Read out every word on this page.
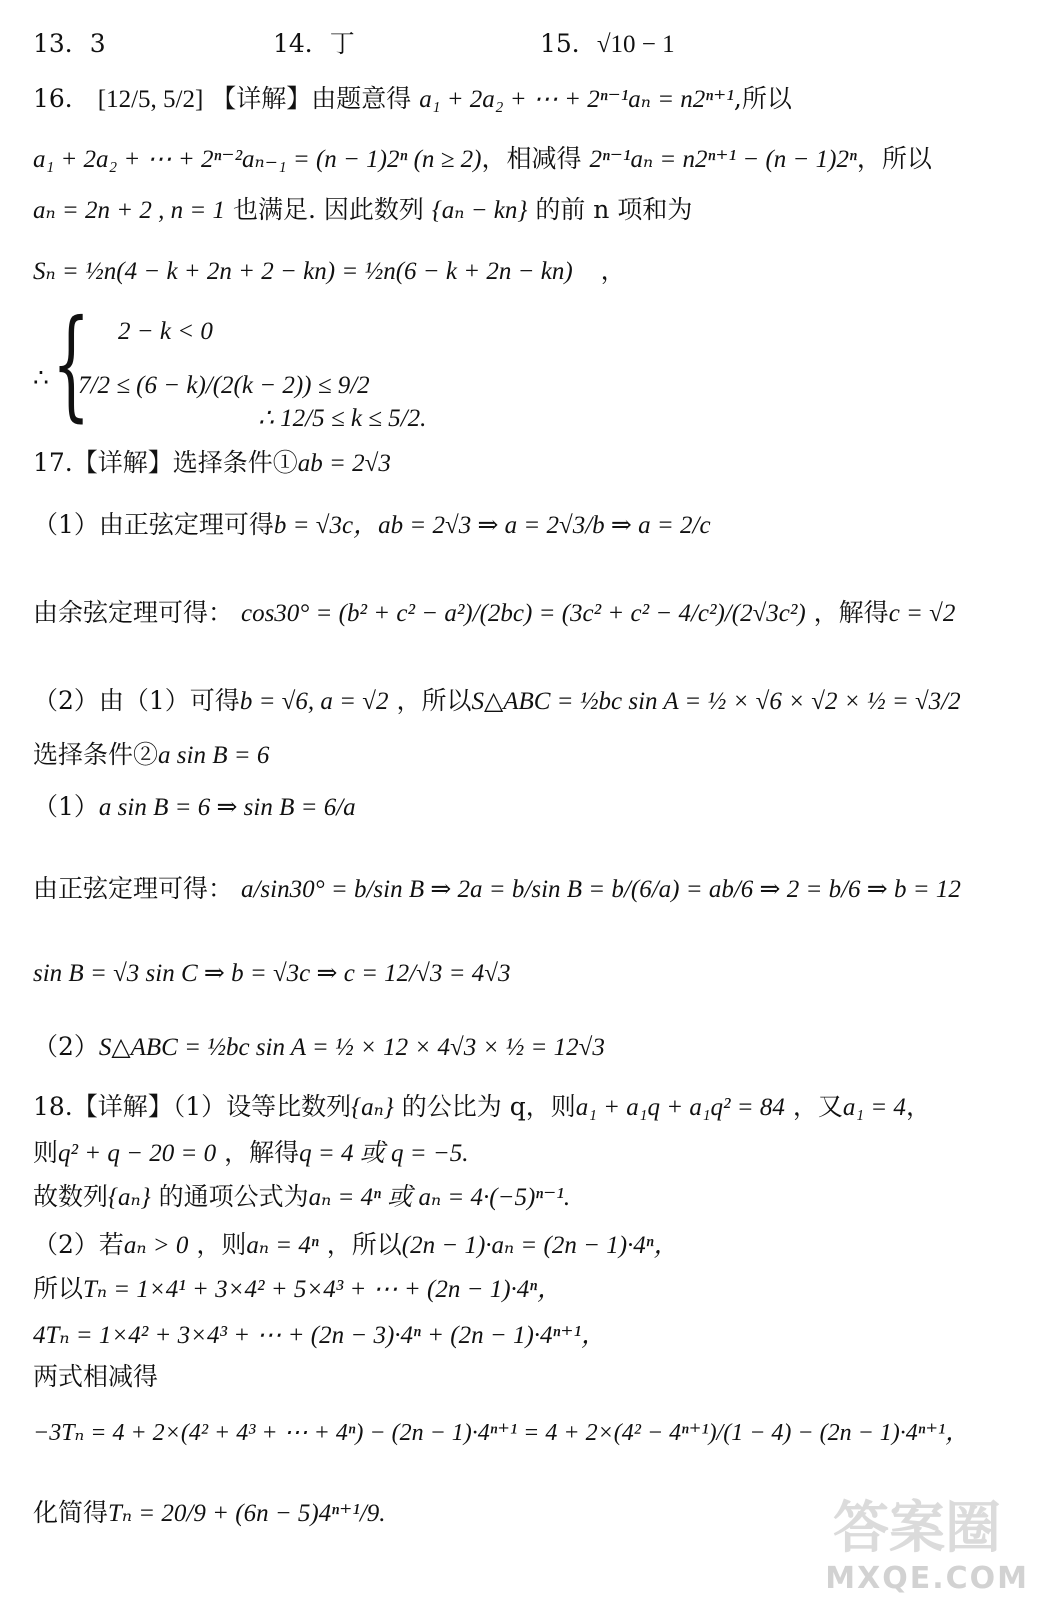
13．3	14．丁	15．√10 − 1
16． [12/5, 5/2] 【详解】由题意得 a₁ + 2a₂ + ⋯ + 2ⁿ⁻¹aₙ = n2ⁿ⁺¹,所以
a₁ + 2a₂ + ⋯ + 2ⁿ⁻²aₙ₋₁ = (n − 1)2ⁿ (n ≥ 2)，相减得 2ⁿ⁻¹aₙ = n2ⁿ⁺¹ − (n − 1)2ⁿ，所以
aₙ = 2n + 2 , n = 1 也满足. 因此数列 {aₙ − kn} 的前 n 项和为
Sₙ = ½n(4 − k + 2n + 2 − kn) = ½n(6 − k + 2n − kn) ，
{
∴
2 − k < 0
7/2 ≤ (6 − k)/(2(k − 2)) ≤ 9/2
∴ 12/5 ≤ k ≤ 5/2.
17.【详解】选择条件①ab = 2√3
（1）由正弦定理可得b = √3c，ab = 2√3 ⇒ a = 2√3/b ⇒ a = 2/c
由余弦定理可得： cos30° = (b² + c² − a²)/(2bc) = (3c² + c² − 4/c²)/(2√3c²) ，解得c = √2
（2）由（1）可得b = √6, a = √2 ，所以S△ABC = ½bc sin A = ½ × √6 × √2 × ½ = √3/2
选择条件②a sin B = 6
（1）a sin B = 6 ⇒ sin B = 6/a
由正弦定理可得： a/sin30° = b/sin B ⇒ 2a = b/sin B = b/(6/a) = ab/6 ⇒ 2 = b/6 ⇒ b = 12
sin B = √3 sin C ⇒ b = √3c ⇒ c = 12/√3 = 4√3
（2）S△ABC = ½bc sin A = ½ × 12 × 4√3 × ½ = 12√3
18.【详解】（1）设等比数列{aₙ} 的公比为 q，则a₁ + a₁q + a₁q² = 84 ，又a₁ = 4，
则q² + q − 20 = 0 ，解得q = 4 或 q = −5.
故数列{aₙ} 的通项公式为aₙ = 4ⁿ 或 aₙ = 4·(−5)ⁿ⁻¹.
（2）若aₙ > 0 ，则aₙ = 4ⁿ ，所以(2n − 1)·aₙ = (2n − 1)·4ⁿ，
所以Tₙ = 1×4¹ + 3×4² + 5×4³ + ⋯ + (2n − 1)·4ⁿ，
4Tₙ = 1×4² + 3×4³ + ⋯ + (2n − 3)·4ⁿ + (2n − 1)·4ⁿ⁺¹，
两式相减得
−3Tₙ = 4 + 2×(4² + 4³ + ⋯ + 4ⁿ) − (2n − 1)·4ⁿ⁺¹ = 4 + 2×(4² − 4ⁿ⁺¹)/(1 − 4) − (2n − 1)·4ⁿ⁺¹，
化简得Tₙ = 20/9 + (6n − 5)4ⁿ⁺¹/9.	答案圈
MXQE.COM
